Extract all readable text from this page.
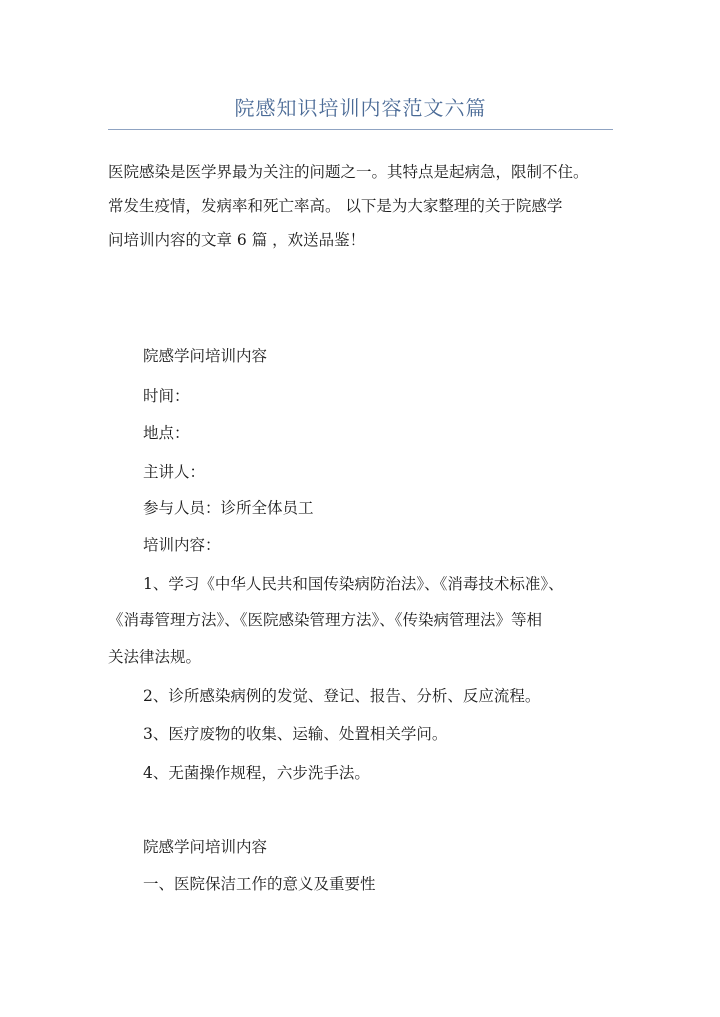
院感知识培训内容范文六篇

医院感染是医学界最为关注的问题之一。其特点是起病急，限制不住。
常发生疫情，发病率和死亡率高。 以下是为大家整理的关于院感学
问培训内容的文章 6 篇 ，欢送品鉴！

院感学问培训内容

时间：

地点：

主讲人：

参与人员：诊所全体员工

培训内容：

1、学习《中华人民共和国传染病防治法》、《消毒技术标准》、

《消毒管理方法》、《医院感染管理方法》、《传染病管理法》等相

关法律法规。

2、诊所感染病例的发觉、登记、报告、分析、反应流程。

3、医疗废物的收集、运输、处置相关学问。

4、无菌操作规程，六步洗手法。

院感学问培训内容

一、医院保洁工作的意义及重要性
